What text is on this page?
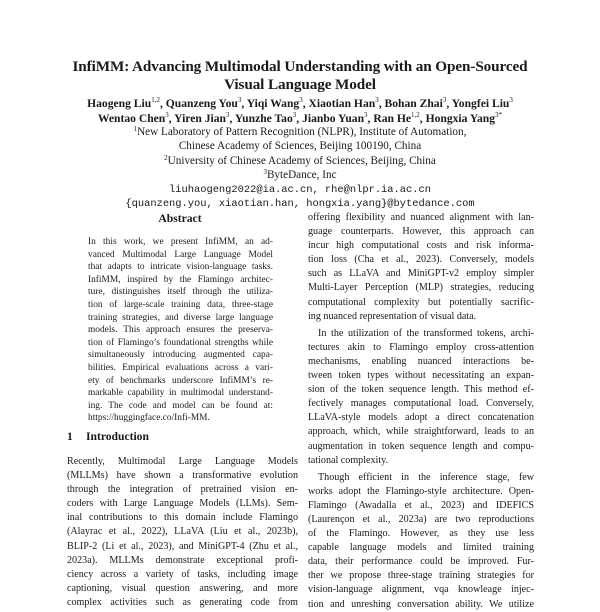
InfiMM: Advancing Multimodal Understanding with an Open-Sourced
Visual Language Model
Haogeng Liu$^{1,2}$, Quanzeng You$^3$, Yiqi Wang$^3$, Xiaotian Han$^3$, Bohan Zhai$^3$, Yongfei Liu$^3$
Wentao Chen$^3$, Yiren Jian$^3$, Yunzhe Tao$^3$, Jianbo Yuan$^3$, Ran He$^{1,2}$, Hongxia Yang$^{3*}$
$^1$New Laboratory of Pattern Recognition (NLPR), Institute of Automation,
Chinese Academy of Sciences, Beijing 100190, China
$^2$University of Chinese Academy of Sciences, Beijing, China
$^3$ByteDance, Inc
liuhaogeng2022@ia.ac.cn, rhe@nlpr.ia.ac.cn
{quanzeng.you, xiaotian.han, hongxia.yang}@bytedance.com
Abstract
In this work, we present InfiMM, an ad-
vanced Multimodal Large Language Model
that adapts to intricate vision-language tasks.
InfiMM, inspired by the Flamingo architec-
ture, distinguishes itself through the utiliza-
tion of large-scale training data, three-stage
training strategies, and diverse large language
models. This approach ensures the preserva-
tion of Flamingo’s foundational strengths while
simultaneously introducing augmented capa-
bilities. Empirical evaluations across a vari-
ety of benchmarks underscore InfiMM’s re-
markable capability in multimodal understand-
ing. The code and model can be found at:
https://huggingface.co/Infi-MM.
1 Introduction
Recently, Multimodal Large Language Models
(MLLMs) have shown a transformative evolution
through the integration of pretrained vision en-
coders with Large Language Models (LLMs). Sem-
inal contributions to this domain include Flamingo
(Alayrac et al., 2022), LLaVA (Liu et al., 2023b),
BLIP-2 (Li et al., 2023), and MiniGPT-4 (Zhu et al.,
2023a). MLLMs demonstrate exceptional profi-
ciency across a variety of tasks, including image
captioning, visual question answering, and more
complex activities such as generating code from
offering flexibility and nuanced alignment with lan-
guage counterparts. However, this approach can
incur high computational costs and risk informa-
tion loss (Cha et al., 2023). Conversely, models
such as LLaVA and MiniGPT-v2 employ simpler
Multi-Layer Perception (MLP) strategies, reducing
computational complexity but potentially sacrific-
ing nuanced representation of visual data.
In the utilization of the transformed tokens, archi-
tectures akin to Flamingo employ cross-attention
mechanisms, enabling nuanced interactions be-
tween token types without necessitating an expan-
sion of the token sequence length. This method ef-
fectively manages computational load. Conversely,
LLaVA-style models adopt a direct concatenation
approach, which, while straightforward, leads to an
augmentation in token sequence length and compu-
tational complexity.
Though efficient in the inference stage, few
works adopt the Flamingo-style architecture. Open-
Flamingo (Awadalla et al., 2023) and IDEFICS
(Laurençon et al., 2023a) are two reproductions
of the Flamingo. However, as they use less
capable language models and limited training
data, their performance could be improved. Fur-
ther we propose three-stage training strategies for
vision-language alignment, vqa knowleage injec-
tion and unreshing conversation ability. We utilize
